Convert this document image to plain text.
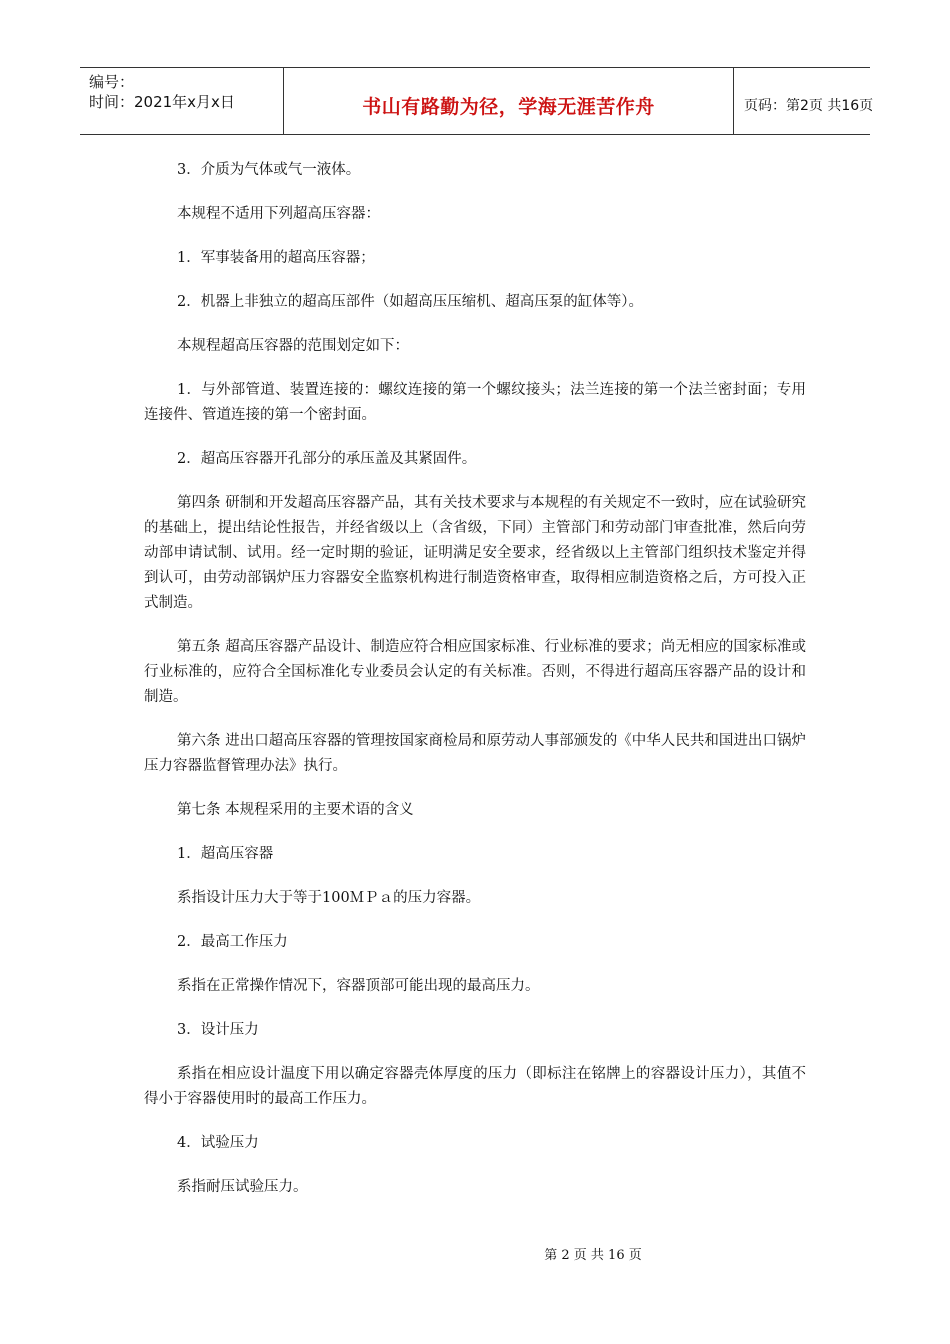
编号：
时间：2021年x月x日	书山有路勤为径，学海无涯苦作舟	页码：第2页 共16页

3．介质为气体或气一液体。

本规程不适用下列超高压容器：

1．军事装备用的超高压容器；

2．机器上非独立的超高压部件（如超高压压缩机、超高压泵的缸体等）。

本规程超高压容器的范围划定如下：

1．与外部管道、装置连接的：螺纹连接的第一个螺纹接头；法兰连接的第一个法兰密封面；专用连接件、管道连接的第一个密封面。

2．超高压容器开孔部分的承压盖及其紧固件。

第四条 研制和开发超高压容器产品，其有关技术要求与本规程的有关规定不一致时，应在试验研究的基础上，提出结论性报告，并经省级以上（含省级，下同）主管部门和劳动部门审查批准，然后向劳动部申请试制、试用。经一定时期的验证，证明满足安全要求，经省级以上主管部门组织技术鉴定并得到认可，由劳动部锅炉压力容器安全监察机构进行制造资格审查，取得相应制造资格之后，方可投入正式制造。

第五条 超高压容器产品设计、制造应符合相应国家标准、行业标准的要求；尚无相应的国家标准或行业标准的，应符合全国标准化专业委员会认定的有关标准。否则，不得进行超高压容器产品的设计和制造。

第六条 进出口超高压容器的管理按国家商检局和原劳动人事部颁发的《中华人民共和国进出口锅炉压力容器监督管理办法》执行。

第七条 本规程采用的主要术语的含义

1．超高压容器

系指设计压力大于等于100ＭＰａ的压力容器。

2．最高工作压力

系指在正常操作情况下，容器顶部可能出现的最高压力。

3．设计压力

系指在相应设计温度下用以确定容器壳体厚度的压力（即标注在铭牌上的容器设计压力），其值不得小于容器使用时的最高工作压力。

4．试验压力

系指耐压试验压力。

第 2 页 共 16 页
